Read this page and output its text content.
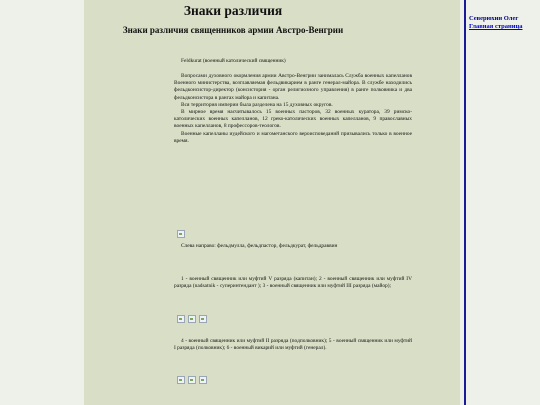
Знаки различия
Знаки различия священников армии Австро-Венгрии

Feldkurat (военный католический священник)

Вопросами духовного окормления армии Австро-Венгрии занималась Служба военных капелланов Военного министерства, возглавляемая фельдвикарием в ранге генерал-майора. В службе находились фельдконсистор-директор (консистория - орган религиозного управления) в ранге полковника и два фельдконсистора в рангах майора и капитана.

Вся территория империи была разделена на 15 духовных округов.

В мирное время насчитывалось 15 военных пасторов, 32 военных куратора, 39 римско-католических военных капелланов, 12 греко-католических военных капелланов, 9 православных военных капелланов, 8 профессоров-теологов.

Военные капелланы иудейского и магометанского вероисповеданий призывались только в военное время.

Слева направо: фельдмулла, фельдпастор, фельдкурат, фельдраввин

1 - военный священник или муфтий V разряда (капитан); 2 - военный священник или муфтий IV разряда (nadsatnik - суперинтендант ); 3 - военный священник или муфтий III разряда (майор);

4 - военный священник или муфтий II разряда (подполковник); 5 - военный священник или муфтий I разряда (полковник); 6 - военный викарий или муфтий (генерал).

Северюхин Олег
Главная страница
